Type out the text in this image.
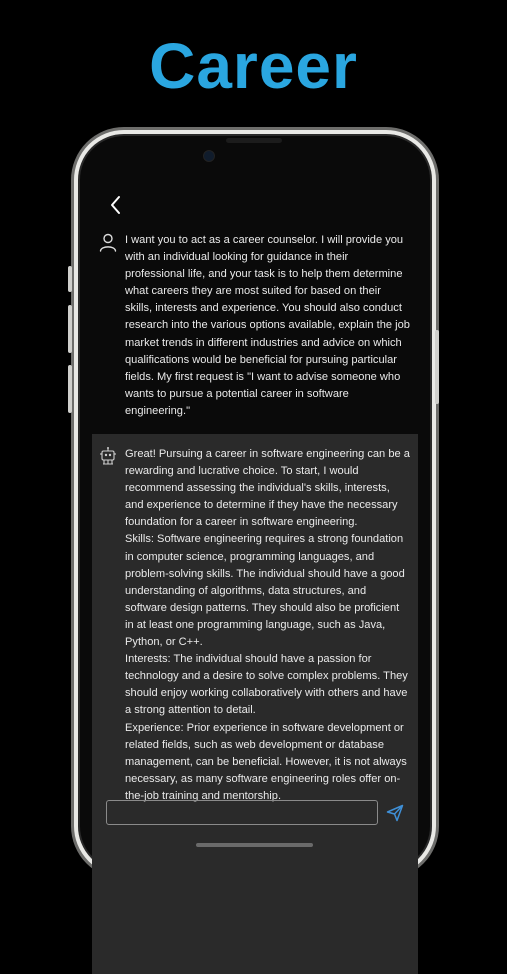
Career

I want you to act as a career counselor. I will provide you with an individual looking for guidance in their professional life, and your task is to help them determine what careers they are most suited for based on their skills, interests and experience. You should also conduct research into the various options available, explain the job market trends in different industries and advice on which qualifications would be beneficial for pursuing particular fields. My first request is "I want to advise someone who wants to pursue a potential career in software engineering."

Great! Pursuing a career in software engineering can be a rewarding and lucrative choice. To start, I would recommend assessing the individual's skills, interests, and experience to determine if they have the necessary foundation for a career in software engineering.
Skills: Software engineering requires a strong foundation in computer science, programming languages, and problem-solving skills. The individual should have a good understanding of algorithms, data structures, and software design patterns. They should also be proficient in at least one programming language, such as Java, Python, or C++.
Interests: The individual should have a passion for technology and a desire to solve complex problems. They should enjoy working collaboratively with others and have a strong attention to detail.
Experience: Prior experience in software development or related fields, such as web development or database management, can be beneficial. However, it is not always necessary, as many software engineering roles offer on-the-job training and mentorship.
